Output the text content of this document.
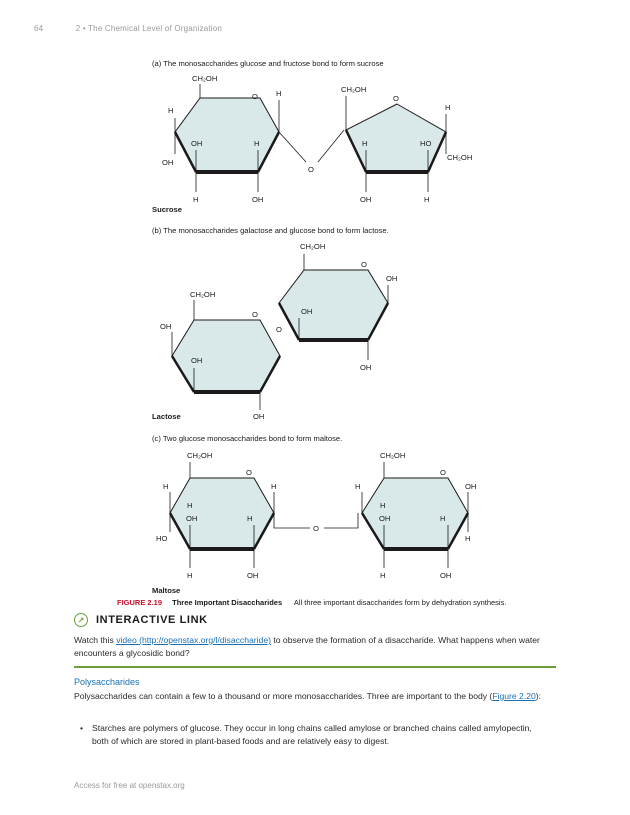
64	2 • The Chemical Level of Organization
(a) The monosaccharides glucose and fructose bond to form sucrose
CH₂OH
O H
H
OH	H
OH
H	OH
O
CH₂OH
O
H
H	HO
CH₂OH
OH	H
Sucrose
(b) The monosaccharides galactose and glucose bond to form lactose.
CH₂OH
O
OH
OH
OH
CH₂OH
O
O
OH
OH
OH
Lactose
(c) Two glucose monosaccharides bond to form maltose.
CH₂OH
O
H	H
H
OH	H
HO
H	OH
O
CH₂OH
O
H	OH
H
OH	H
H
H	OH
Maltose
FIGURE 2.19 Three Important Disaccharides All three important disaccharides form by dehydration synthesis.
↗	INTERACTIVE LINK
Watch this video (http://openstax.org/l/disaccharide) to observe the formation of a disaccharide. What happens when water encounters a glycosidic bond?
Polysaccharides
Polysaccharides can contain a few to a thousand or more monosaccharides. Three are important to the body (Figure 2.20):
•	Starches are polymers of glucose. They occur in long chains called amylose or branched chains called amylopectin, both of which are stored in plant-based foods and are relatively easy to digest.
Access for free at openstax.org
